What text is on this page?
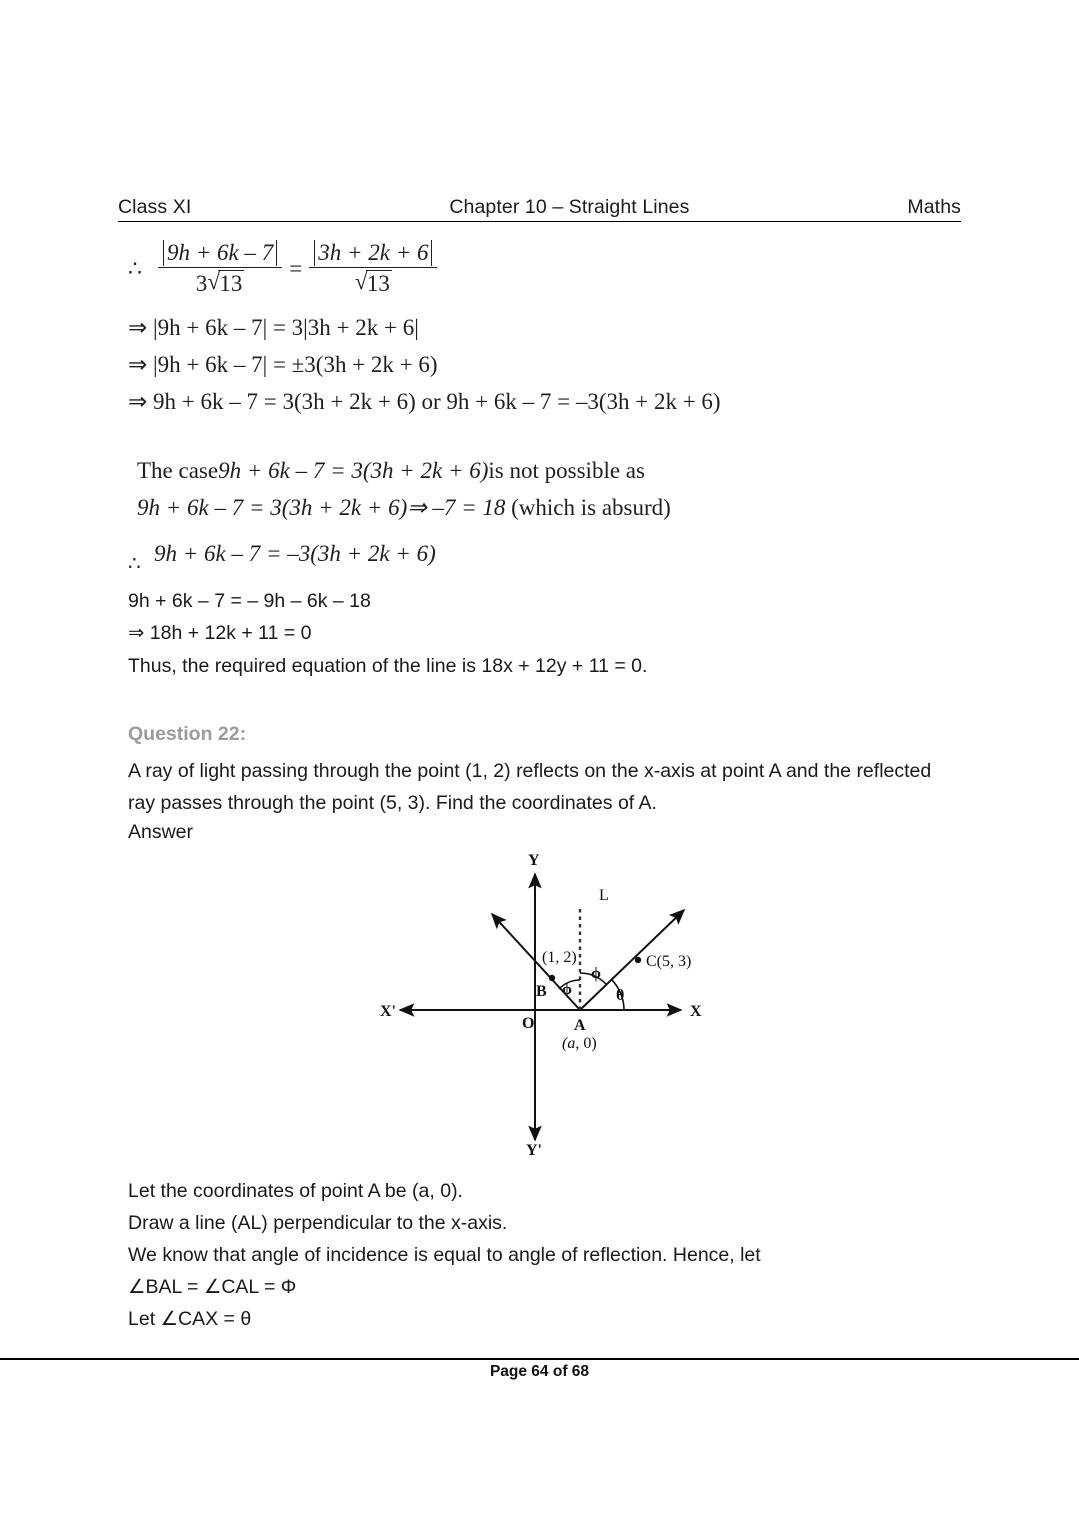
Class XI	Chapter 10 – Straight Lines	Maths
∴ $\frac{9h + 6k - 7}{3 √ 13} = 3h + 2k + 6$
√ 13
⇒ |9h + 6k – 7| = 3|3h + 2k + 6|
⇒ |9h + 6k – 7| = ±3(3h + 2k + 6)
⇒ 9h + 6k – 7 = 3(3h + 2k + 6) or 9h + 6k – 7 = –3(3h + 2k + 6)
The case 9h + 6k – 7 = 3(3h + 2k + 6) is not possible as
9h + 6k – 7 = 3(3h + 2k + 6) ⇒ –7 = 18
(which is absurd)
∴ 9h + 6k – 7 = –3(3h + 2k + 6)
9h + 6k – 7 = – 9h – 6k – 18
⇒ 18h + 12k + 11 = 0
Thus, the required equation of the line is 18x + 12y + 11 = 0.
Question 22:
A ray of light passing through the point (1, 2) reflects on the x-axis at point A and the reflected ray passes through the point (5, 3). Find the coordinates of A.
Answer
Y
Y'
X
X'
O
L
A
(a, 0)
B
(1, 2)	C(5, 3)
ϕ
ϕ
θ
Let the coordinates of point A be (a, 0).
Draw a line (AL) perpendicular to the x-axis.
We know that angle of incidence is equal to angle of reflection. Hence, let
∠BAL = ∠CAL = Φ
Let ∠CAX = θ
Page 64 of 68
